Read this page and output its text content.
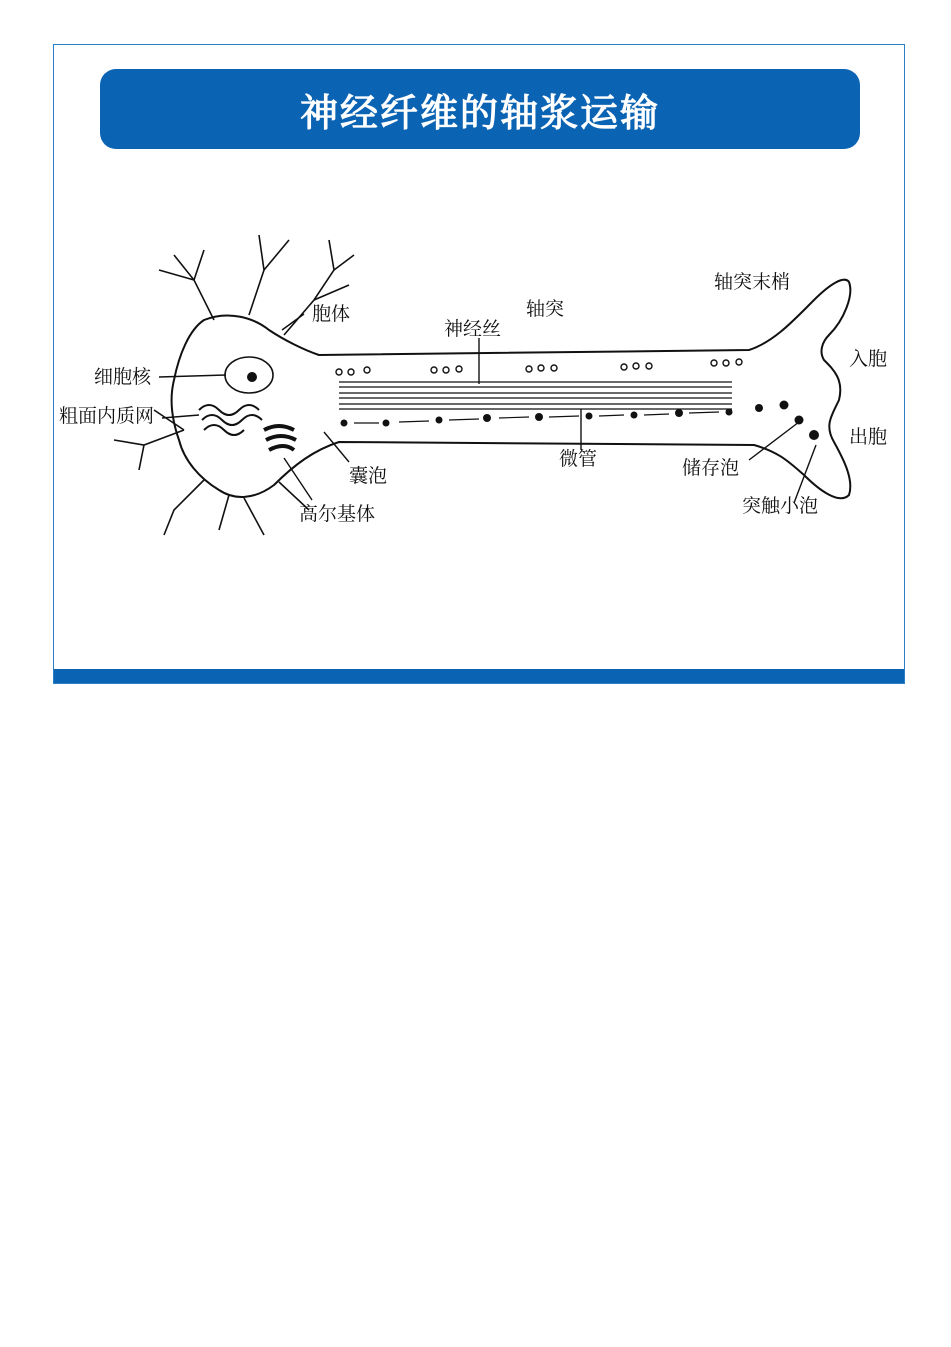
神经纤维的轴浆运输
胞体	轴突
轴突末梢
神经丝
细胞核
粗面内质网
入胞
出胞
微管	储存泡
囊泡
高尔基体	突触小泡
